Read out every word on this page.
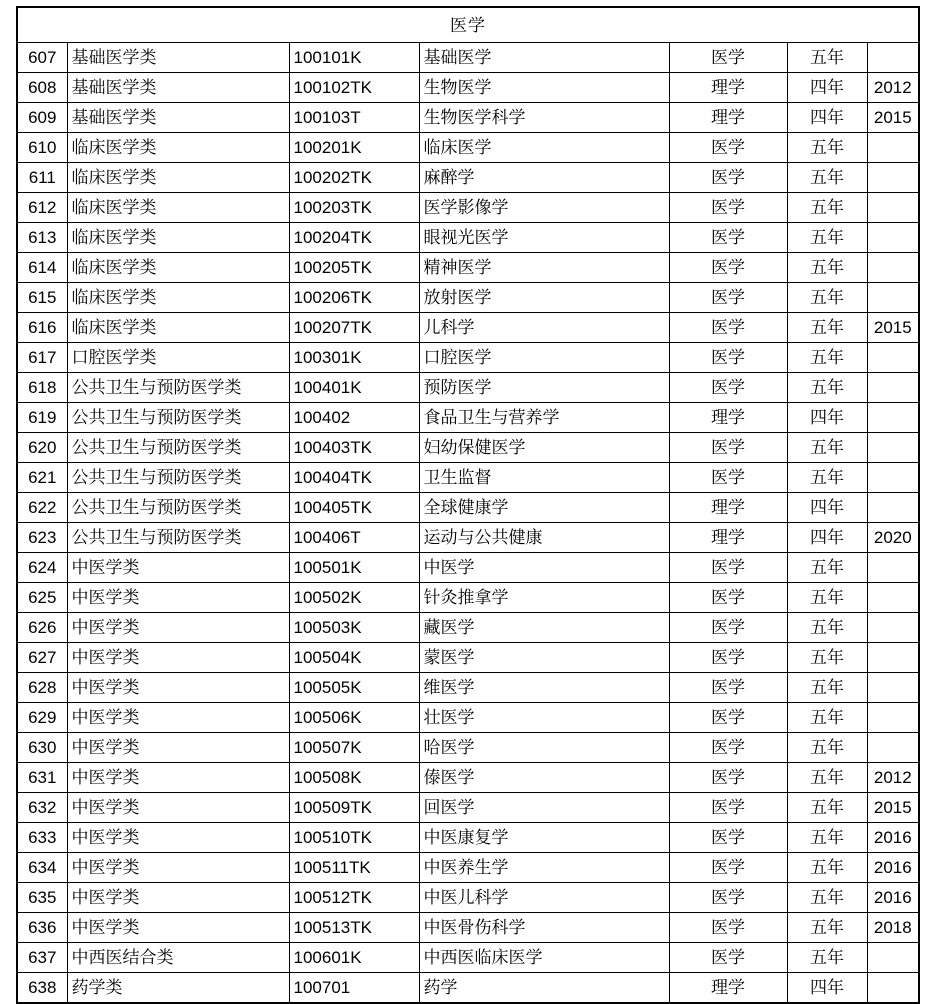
医学						
607	基础医学类	100101K	基础医学	医学	五年	
608	基础医学类	100102TK	生物医学	理学	四年	2012
609	基础医学类	100103T	生物医学科学	理学	四年	2015
610	临床医学类	100201K	临床医学	医学	五年	
611	临床医学类	100202TK	麻醉学	医学	五年	
612	临床医学类	100203TK	医学影像学	医学	五年	
613	临床医学类	100204TK	眼视光医学	医学	五年	
614	临床医学类	100205TK	精神医学	医学	五年	
615	临床医学类	100206TK	放射医学	医学	五年	
616	临床医学类	100207TK	儿科学	医学	五年	2015
617	口腔医学类	100301K	口腔医学	医学	五年	
618	公共卫生与预防医学类	100401K	预防医学	医学	五年	
619	公共卫生与预防医学类	100402	食品卫生与营养学	理学	四年	
620	公共卫生与预防医学类	100403TK	妇幼保健医学	医学	五年	
621	公共卫生与预防医学类	100404TK	卫生监督	医学	五年	
622	公共卫生与预防医学类	100405TK	全球健康学	理学	四年	
623	公共卫生与预防医学类	100406T	运动与公共健康	理学	四年	2020
624	中医学类	100501K	中医学	医学	五年	
625	中医学类	100502K	针灸推拿学	医学	五年	
626	中医学类	100503K	藏医学	医学	五年	
627	中医学类	100504K	蒙医学	医学	五年	
628	中医学类	100505K	维医学	医学	五年	
629	中医学类	100506K	壮医学	医学	五年	
630	中医学类	100507K	哈医学	医学	五年	
631	中医学类	100508K	傣医学	医学	五年	2012
632	中医学类	100509TK	回医学	医学	五年	2015
633	中医学类	100510TK	中医康复学	医学	五年	2016
634	中医学类	100511TK	中医养生学	医学	五年	2016
635	中医学类	100512TK	中医儿科学	医学	五年	2016
636	中医学类	100513TK	中医骨伤科学	医学	五年	2018
637	中西医结合类	100601K	中西医临床医学	医学	五年	
638	药学类	100701	药学	理学	四年	
